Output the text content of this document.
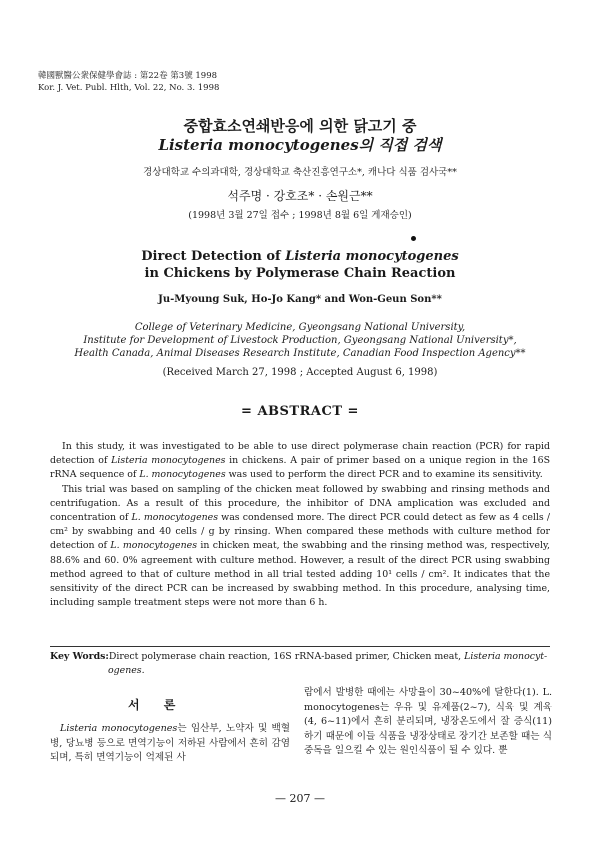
韓國獸醫公衆保健學會誌 : 第22卷 第3號 1998
Kor. J. Vet. Publ. Hlth, Vol. 22, No. 3. 1998
중합효소연쇄반응에 의한 닭고기 중
Listeria monocytogenes의 직접 검색
경상대학교 수의과대학, 경상대학교 축산진흥연구소*, 캐나다 식품 검사국**
석주명 · 강호조* · 손원근**
(1998년 3월 27일 접수 ; 1998년 8월 6일 게재승인)
Direct Detection of Listeria monocytogenes
in Chickens by Polymerase Chain Reaction
Ju-Myoung Suk, Ho-Jo Kang* and Won-Geun Son**
College of Veterinary Medicine, Gyeongsang National University,
Institute for Development of Livestock Production, Gyeongsang National University*,
Health Canada, Animal Diseases Research Institute, Canadian Food Inspection Agency**
(Received March 27, 1998 ; Accepted August 6, 1998)
= ABSTRACT =

In this study, it was investigated to be able to use direct polymerase chain reaction (PCR) for rapid detection of Listeria monocytogenes in chickens. A pair of primer based on a unique region in the 16S rRNA sequence of L. monocytogenes was used to perform the direct PCR and to examine its sensitivity.

This trial was based on sampling of the chicken meat followed by swabbing and rinsing methods and centrifugation. As a result of this procedure, the inhibitor of DNA amplication was excluded and concentration of L. monocytogenes was condensed more. The direct PCR could detect as few as 4 cells / cm² by swabbing and 40 cells / g by rinsing. When compared these methods with culture method for detection of L. monocytogenes in chicken meat, the swabbing and the rinsing method was, respectively, 88.6% and 60. 0% agreement with culture method. However, a result of the direct PCR using swabbing method agreed to that of culture method in all trial tested adding 10¹ cells / cm². It indicates that the sensitivity of the direct PCR can be increased by swabbing method. In this procedure, analysing time, including sample treatment steps were not more than 6 h.

Key Words:Direct polymerase chain reaction, 16S rRNA-based primer, Chicken meat, Listeria monocyt-
ogenes.
서 론

Listeria monocytogenes는 임산부, 노약자 및 백혈병, 당뇨병 등으로 면역기능이 저하된 사람에서 흔히 감염되며, 특히 면역기능이 억제된 사

람에서 발병한 때에는 사망율이 30~40%에 달한다(1). L. monocytogenes는 우유 및 유제품(2~7), 식육 및 계육(4, 6~11)에서 흔히 분리되며, 냉장온도에서 잘 증식(11)하기 때문에 이들 식품을 냉장상태로 장기간 보존할 때는 식중독을 일으킬 수 있는 원인식품이 될 수 있다. 뿐

— 207 —
